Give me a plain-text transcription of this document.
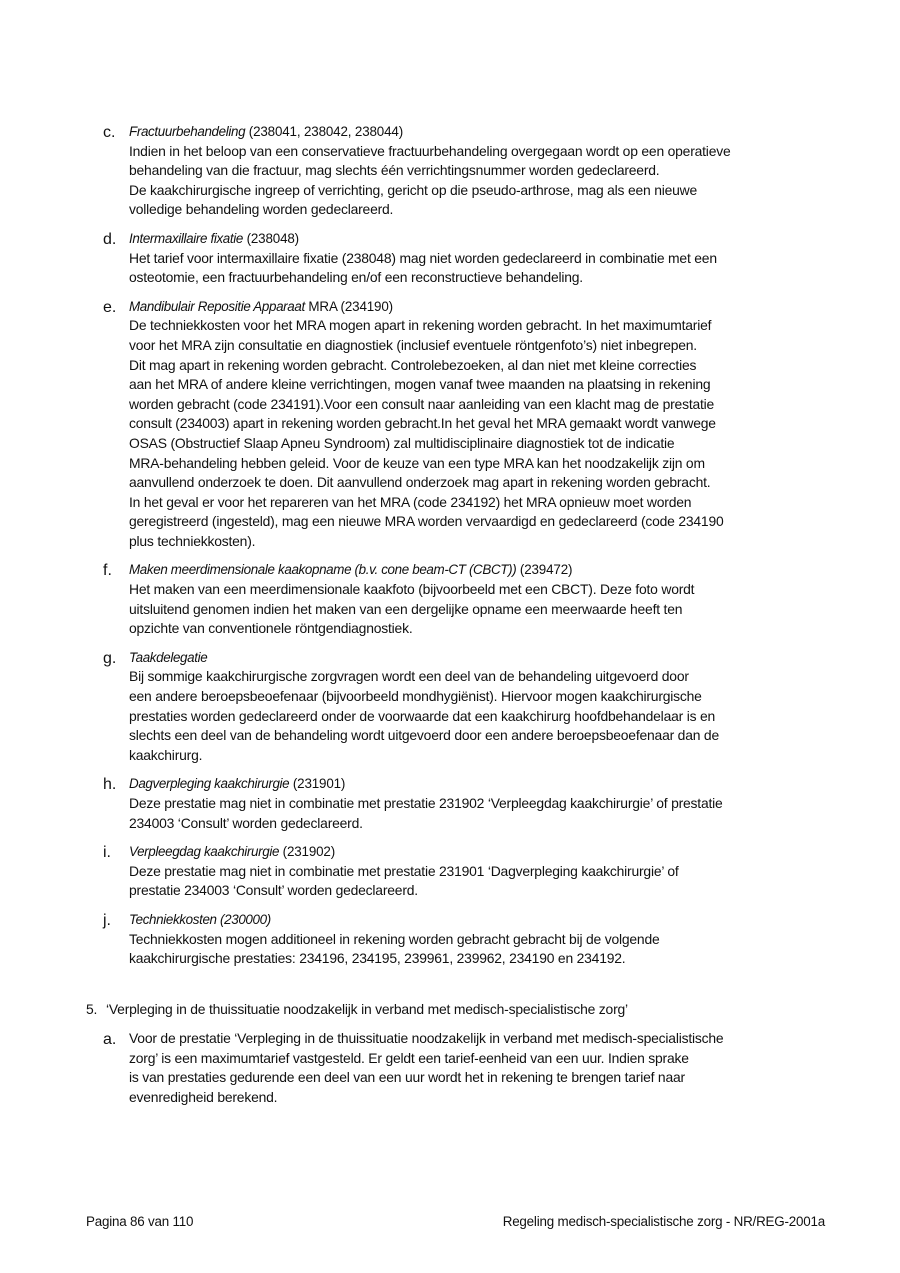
c. Fractuurbehandeling (238041, 238042, 238044)
Indien in het beloop van een conservatieve fractuurbehandeling overgegaan wordt op een operatieve
behandeling van die fractuur, mag slechts één verrichtingsnummer worden gedeclareerd.
De kaakchirurgische ingreep of verrichting, gericht op die pseudo-arthrose, mag als een nieuwe
volledige behandeling worden gedeclareerd.
d. Intermaxillaire fixatie (238048)
Het tarief voor intermaxillaire fixatie (238048) mag niet worden gedeclareerd in combinatie met een
osteotomie, een fractuurbehandeling en/of een reconstructieve behandeling.
e. Mandibulair Repositie Apparaat MRA (234190)
De techniekkosten voor het MRA mogen apart in rekening worden gebracht. In het maximumtarief
voor het MRA zijn consultatie en diagnostiek (inclusief eventuele röntgenfoto’s) niet inbegrepen.
Dit mag apart in rekening worden gebracht. Controlebezoeken, al dan niet met kleine correcties
aan het MRA of andere kleine verrichtingen, mogen vanaf twee maanden na plaatsing in rekening
worden gebracht (code 234191).Voor een consult naar aanleiding van een klacht mag de prestatie
consult (234003) apart in rekening worden gebracht.In het geval het MRA gemaakt wordt vanwege
OSAS (Obstructief Slaap Apneu Syndroom) zal multidisciplinaire diagnostiek tot de indicatie
MRA-behandeling hebben geleid. Voor de keuze van een type MRA kan het noodzakelijk zijn om
aanvullend onderzoek te doen. Dit aanvullend onderzoek mag apart in rekening worden gebracht.
In het geval er voor het repareren van het MRA (code 234192) het MRA opnieuw moet worden
geregistreerd (ingesteld), mag een nieuwe MRA worden vervaardigd en gedeclareerd (code 234190
plus techniekkosten).
f. Maken meerdimensionale kaakopname (b.v. cone beam-CT (CBCT)) (239472)
Het maken van een meerdimensionale kaakfoto (bijvoorbeeld met een CBCT). Deze foto wordt
uitsluitend genomen indien het maken van een dergelijke opname een meerwaarde heeft ten
opzichte van conventionele röntgendiagnostiek.
g. Taakdelegatie
Bij sommige kaakchirurgische zorgvragen wordt een deel van de behandeling uitgevoerd door
een andere beroepsbeoefenaar (bijvoorbeeld mondhygiënist). Hiervoor mogen kaakchirurgische
prestaties worden gedeclareerd onder de voorwaarde dat een kaakchirurg hoofdbehandelaar is en
slechts een deel van de behandeling wordt uitgevoerd door een andere beroepsbeoefenaar dan de
kaakchirurg.
h. Dagverpleging kaakchirurgie (231901)
Deze prestatie mag niet in combinatie met prestatie 231902 ‘Verpleegdag kaakchirurgie’ of prestatie
234003 ‘Consult’ worden gedeclareerd.
i. Verpleegdag kaakchirurgie (231902)
Deze prestatie mag niet in combinatie met prestatie 231901 ‘Dagverpleging kaakchirurgie’ of
prestatie 234003 ‘Consult’ worden gedeclareerd.
j. Techniekkosten (230000)
Techniekkosten mogen additioneel in rekening worden gebracht gebracht bij de volgende
kaakchirurgische prestaties: 234196, 234195, 239961, 239962, 234190 en 234192.
5. ‘Verpleging in de thuissituatie noodzakelijk in verband met medisch-specialistische zorg’
a. Voor de prestatie ‘Verpleging in de thuissituatie noodzakelijk in verband met medisch-specialistische
zorg’ is een maximumtarief vastgesteld. Er geldt een tarief-eenheid van een uur. Indien sprake
is van prestaties gedurende een deel van een uur wordt het in rekening te brengen tarief naar
evenredigheid berekend.
Pagina 86 van 110	Regeling medisch-specialistische zorg - NR/REG-2001a
